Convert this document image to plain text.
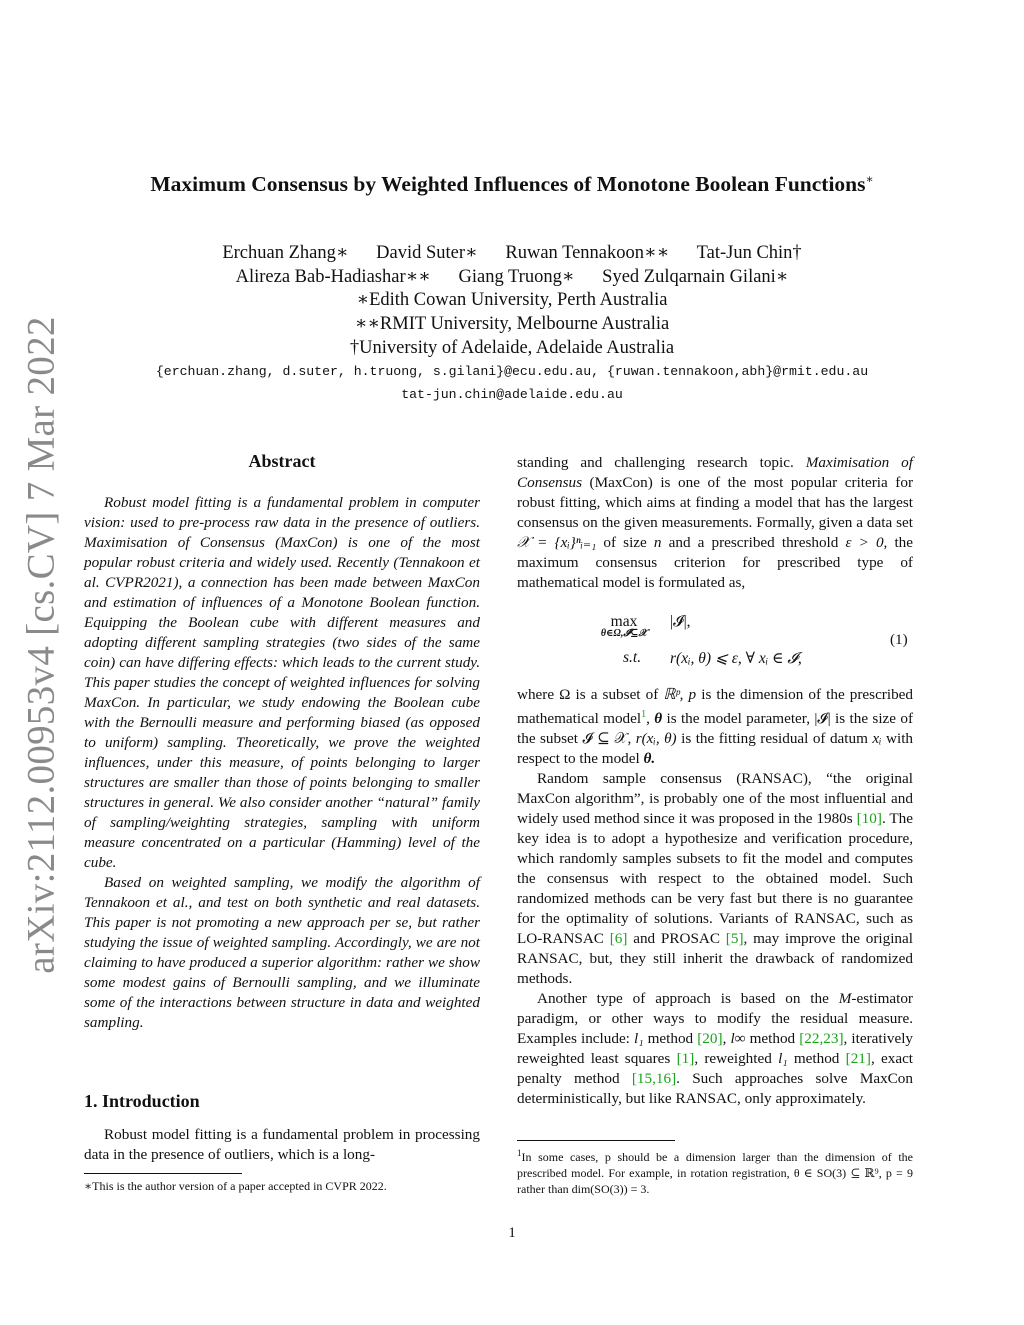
arXiv:2112.00953v4 [cs.CV] 7 Mar 2022
Maximum Consensus by Weighted Influences of Monotone Boolean Functions∗
Erchuan Zhang∗ David Suter∗ Ruwan Tennakoon∗∗ Tat-Jun Chin†
Alireza Bab-Hadiashar∗∗ Giang Truong∗ Syed Zulqarnain Gilani∗
∗Edith Cowan University, Perth Australia
∗∗RMIT University, Melbourne Australia
†University of Adelaide, Adelaide Australia
{erchuan.zhang, d.suter, h.truong, s.gilani}@ecu.edu.au, {ruwan.tennakoon,abh}@rmit.edu.au
tat-jun.chin@adelaide.edu.au
Abstract

Robust model fitting is a fundamental problem in computer vision: used to pre-process raw data in the presence of outliers. Maximisation of Consensus (MaxCon) is one of the most popular robust criteria and widely used. Recently (Tennakoon et al. CVPR2021), a connection has been made between MaxCon and estimation of influences of a Monotone Boolean function. Equipping the Boolean cube with different measures and adopting different sampling strategies (two sides of the same coin) can have differing effects: which leads to the current study. This paper studies the concept of weighted influences for solving MaxCon. In particular, we study endowing the Boolean cube with the Bernoulli measure and performing biased (as opposed to uniform) sampling. Theoretically, we prove the weighted influences, under this measure, of points belonging to larger structures are smaller than those of points belonging to smaller structures in general. We also consider another “natural” family of sampling/weighting strategies, sampling with uniform measure concentrated on a particular (Hamming) level of the cube.

Based on weighted sampling, we modify the algorithm of Tennakoon et al., and test on both synthetic and real datasets. This paper is not promoting a new approach per se, but rather studying the issue of weighted sampling. Accordingly, we are not claiming to have produced a superior algorithm: rather we show some modest gains of Bernoulli sampling, and we illuminate some of the interactions between structure in data and weighted sampling.

1. Introduction

Robust model fitting is a fundamental problem in processing data in the presence of outliers, which is a long-

∗This is the author version of a paper accepted in CVPR 2022.

standing and challenging research topic. Maximisation of Consensus (MaxCon) is one of the most popular criteria for robust fitting, which aims at finding a model that has the largest consensus on the given measurements. Formally, given a data set 𝒳 = {xᵢ}ⁿᵢ₌₁ of size n and a prescribed threshold ε > 0, the maximum consensus criterion for prescribed type of mathematical model is formulated as,

max
θ∈Ω,𝓘⊆𝒳
|𝓘|,
s.t. r(xᵢ, θ) ⩽ ε, ∀ xᵢ ∈ 𝓘,
(1)

where Ω is a subset of ℝᵖ, p is the dimension of the prescribed mathematical model$^1$, θ is the model parameter, |𝓘| is the size of the subset 𝓘 ⊆ 𝒳, r(xᵢ, θ) is the fitting residual of datum xᵢ with respect to the model θ.

Random sample consensus (RANSAC), “the original MaxCon algorithm”, is probably one of the most influential and widely used method since it was proposed in the 1980s [10]. The key idea is to adopt a hypothesize and verification procedure, which randomly samples subsets to fit the model and computes the consensus with respect to the obtained model. Such randomized methods can be very fast but there is no guarantee for the optimality of solutions. Variants of RANSAC, such as LO-RANSAC [6] and PROSAC [5], may improve the original RANSAC, but, they still inherit the drawback of randomized methods.

Another type of approach is based on the M-estimator paradigm, or other ways to modify the residual measure. Examples include: l₁ method [20], l∞ method [22,23], iteratively reweighted least squares [1], reweighted l₁ method [21], exact penalty method [15,16]. Such approaches solve MaxCon deterministically, but like RANSAC, only approximately.

$^1$In some cases, p should be a dimension larger than the dimension of the prescribed model. For example, in rotation registration, θ ∈ SO(3) ⊆ ℝ⁹, p = 9 rather than dim(SO(3)) = 3.
1
